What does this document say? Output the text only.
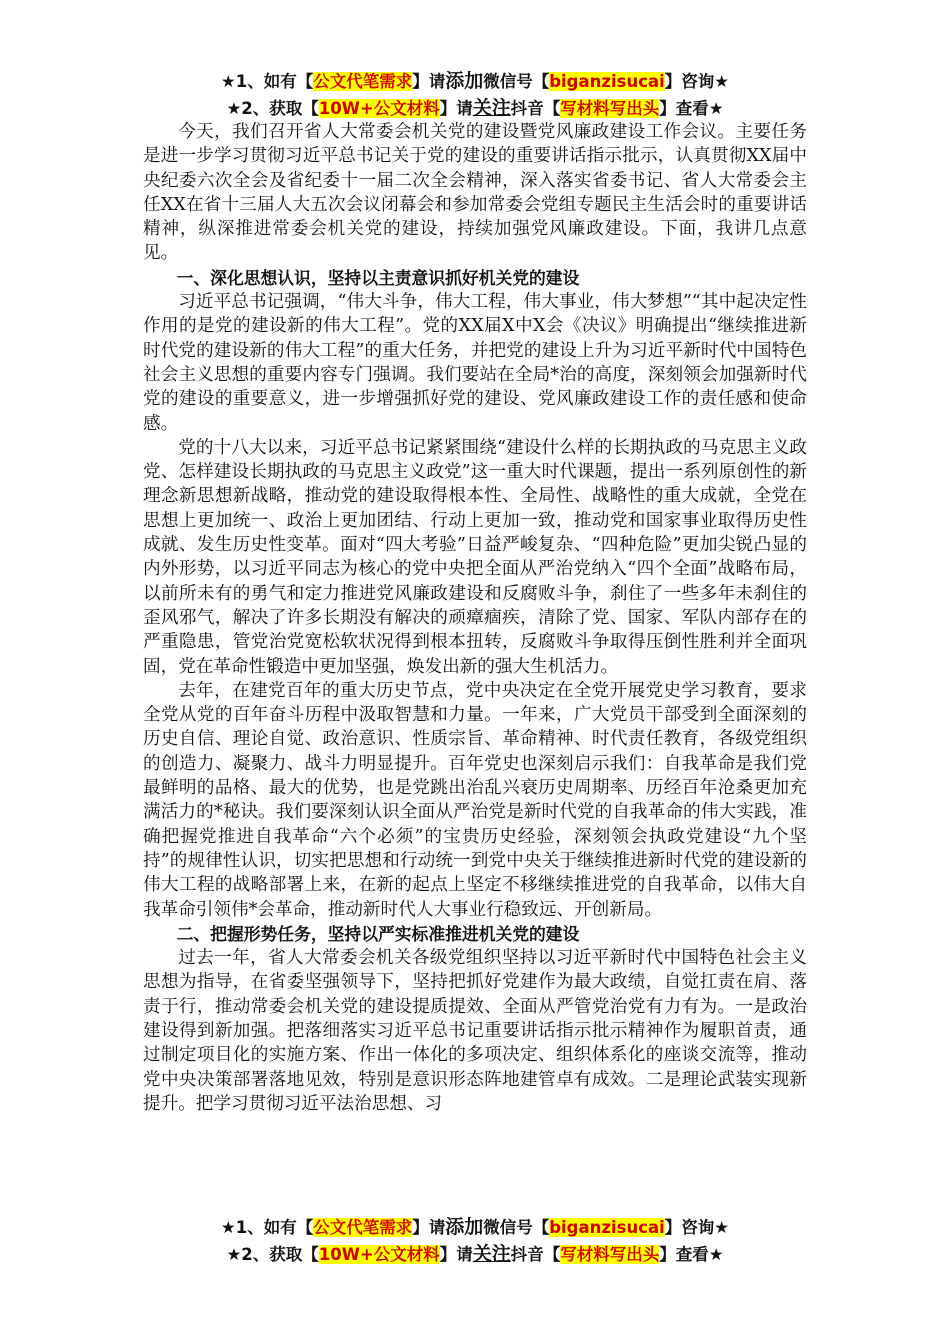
★1、如有【公文代笔需求】请添加微信号【biganzisucai】咨询★
★2、获取【10W+公文材料】请关注抖音【写材料写出头】查看★

今天，我们召开省人大常委会机关党的建设暨党风廉政建设工作会议。主要任务是进一步学习贯彻习近平总书记关于党的建设的重要讲话指示批示，认真贯彻XX届中央纪委六次全会及省纪委十一届二次全会精神，深入落实省委书记、省人大常委会主任XX在省十三届人大五次会议闭幕会和参加常委会党组专题民主生活会时的重要讲话精神，纵深推进常委会机关党的建设，持续加强党风廉政建设。下面，我讲几点意见。

一、深化思想认识，坚持以主责意识抓好机关党的建设

习近平总书记强调，“伟大斗争，伟大工程，伟大事业，伟大梦想”“其中起决定性作用的是党的建设新的伟大工程”。党的XX届X中X会《决议》明确提出“继续推进新时代党的建设新的伟大工程”的重大任务，并把党的建设上升为习近平新时代中国特色社会主义思想的重要内容专门强调。我们要站在全局*治的高度，深刻领会加强新时代党的建设的重要意义，进一步增强抓好党的建设、党风廉政建设工作的责任感和使命感。

党的十八大以来，习近平总书记紧紧围绕“建设什么样的长期执政的马克思主义政党、怎样建设长期执政的马克思主义政党”这一重大时代课题，提出一系列原创性的新理念新思想新战略，推动党的建设取得根本性、全局性、战略性的重大成就，全党在思想上更加统一、政治上更加团结、行动上更加一致，推动党和国家事业取得历史性成就、发生历史性变革。面对“四大考验”日益严峻复杂、“四种危险”更加尖锐凸显的内外形势，以习近平同志为核心的党中央把全面从严治党纳入“四个全面”战略布局，以前所未有的勇气和定力推进党风廉政建设和反腐败斗争，刹住了一些多年未刹住的歪风邪气，解决了许多长期没有解决的顽瘴痼疾，清除了党、国家、军队内部存在的严重隐患，管党治党宽松软状况得到根本扭转，反腐败斗争取得压倒性胜利并全面巩固，党在革命性锻造中更加坚强，焕发出新的强大生机活力。

去年，在建党百年的重大历史节点，党中央决定在全党开展党史学习教育，要求全党从党的百年奋斗历程中汲取智慧和力量。一年来，广大党员干部受到全面深刻的历史自信、理论自觉、政治意识、性质宗旨、革命精神、时代责任教育，各级党组织的创造力、凝聚力、战斗力明显提升。百年党史也深刻启示我们：自我革命是我们党最鲜明的品格、最大的优势，也是党跳出治乱兴衰历史周期率、历经百年沧桑更加充满活力的*秘诀。我们要深刻认识全面从严治党是新时代党的自我革命的伟大实践，准确把握党推进自我革命“六个必须”的宝贵历史经验，深刻领会执政党建设“九个坚持”的规律性认识，切实把思想和行动统一到党中央关于继续推进新时代党的建设新的伟大工程的战略部署上来，在新的起点上坚定不移继续推进党的自我革命，以伟大自我革命引领伟*会革命，推动新时代人大事业行稳致远、开创新局。

二、把握形势任务，坚持以严实标准推进机关党的建设

过去一年，省人大常委会机关各级党组织坚持以习近平新时代中国特色社会主义思想为指导，在省委坚强领导下，坚持把抓好党建作为最大政绩，自觉扛责在肩、落责于行，推动常委会机关党的建设提质提效、全面从严管党治党有力有为。一是政治建设得到新加强。把落细落实习近平总书记重要讲话指示批示精神作为履职首责，通过制定项目化的实施方案、作出一体化的多项决定、组织体系化的座谈交流等，推动党中央决策部署落地见效，特别是意识形态阵地建管卓有成效。二是理论武装实现新提升。把学习贯彻习近平法治思想、习

★1、如有【公文代笔需求】请添加微信号【biganzisucai】咨询★
★2、获取【10W+公文材料】请关注抖音【写材料写出头】查看★
